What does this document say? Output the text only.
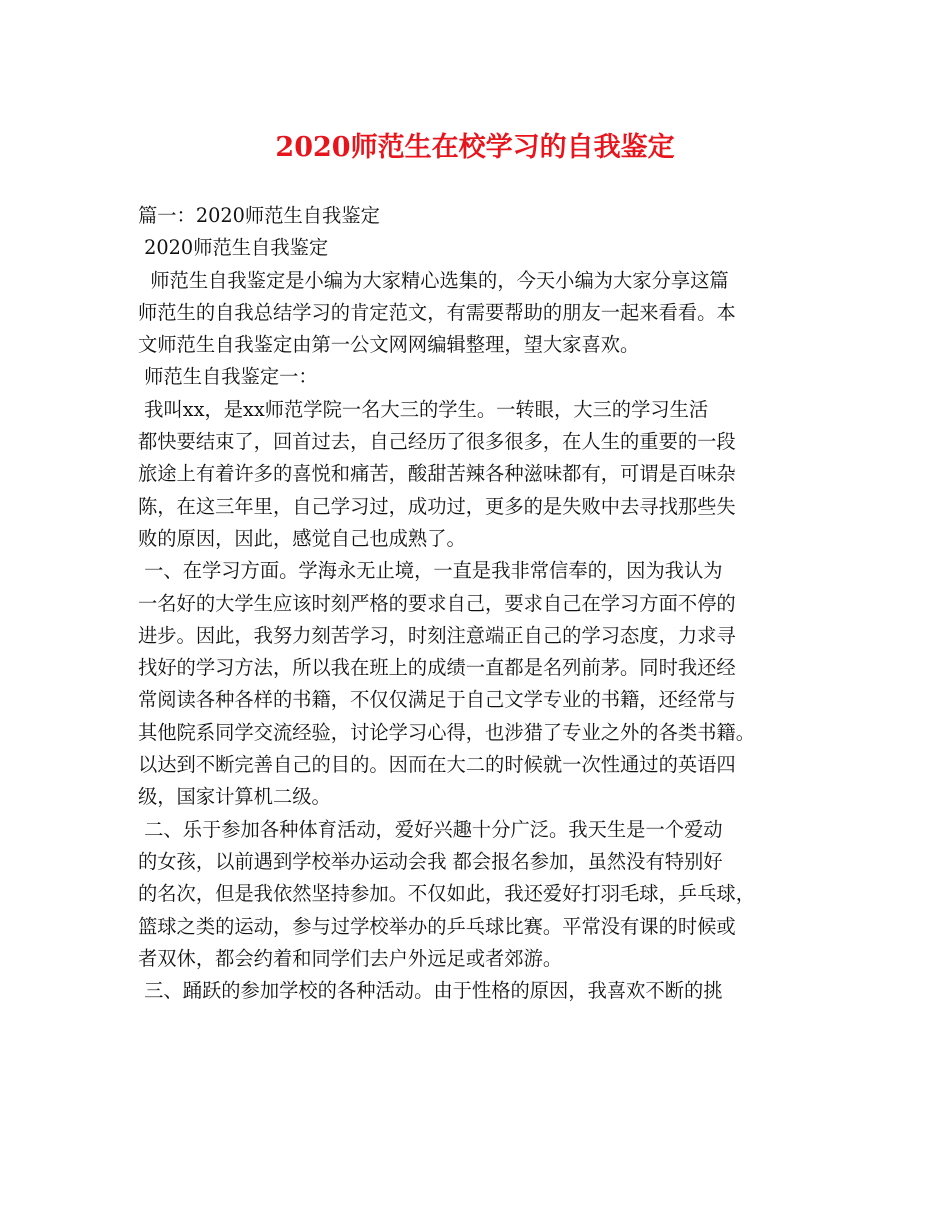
2020师范生在校学习的自我鉴定
篇一：2020师范生自我鉴定
2020师范生自我鉴定
师范生自我鉴定是小编为大家精心选集的，今天小编为大家分享这篇
师范生的自我总结学习的肯定范文，有需要帮助的朋友一起来看看。本
文师范生自我鉴定由第一公文网网编辑整理，望大家喜欢。
师范生自我鉴定一：
我叫xx，是xx师范学院一名大三的学生。一转眼，大三的学习生活
都快要结束了，回首过去，自己经历了很多很多，在人生的重要的一段
旅途上有着许多的喜悦和痛苦，酸甜苦辣各种滋味都有，可谓是百味杂
陈，在这三年里，自己学习过，成功过，更多的是失败中去寻找那些失
败的原因，因此，感觉自己也成熟了。
一、在学习方面。学海永无止境，一直是我非常信奉的，因为我认为
一名好的大学生应该时刻严格的要求自己，要求自己在学习方面不停的
进步。因此，我努力刻苦学习，时刻注意端正自己的学习态度，力求寻
找好的学习方法，所以我在班上的成绩一直都是名列前茅。同时我还经
常阅读各种各样的书籍，不仅仅满足于自己文学专业的书籍，还经常与
其他院系同学交流经验，讨论学习心得，也涉猎了专业之外的各类书籍。
以达到不断完善自己的目的。因而在大二的时候就一次性通过的英语四
级，国家计算机二级。
二、乐于参加各种体育活动，爱好兴趣十分广泛。我天生是一个爱动
的女孩，以前遇到学校举办运动会我 都会报名参加，虽然没有特别好
的名次，但是我依然坚持参加。不仅如此，我还爱好打羽毛球，乒乓球，
篮球之类的运动，参与过学校举办的乒乓球比赛。平常没有课的时候或
者双休，都会约着和同学们去户外远足或者郊游。
三、踊跃的参加学校的各种活动。由于性格的原因，我喜欢不断的挑
